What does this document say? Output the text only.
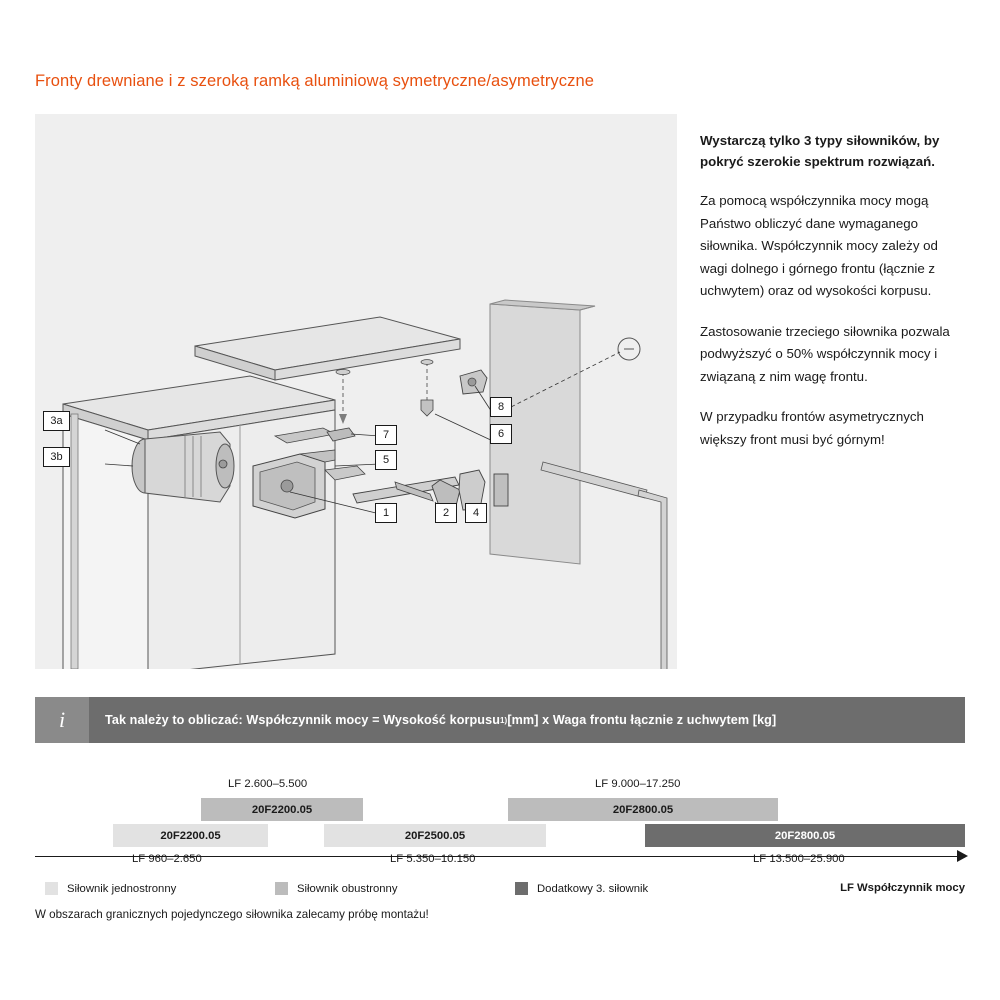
Fronty drewniane i z szeroką ramką aluminiową symetryczne/asymetryczne
3a
3b
7
8
6
5
1	2	4
Wystarczą tylko 3 typy siłowników, by pokryć szerokie spektrum rozwiązań.

Za pomocą współczynnika mocy mogą Państwo obliczyć dane wymaganego siłownika. Współczynnik mocy zależy od wagi dolnego i górnego frontu (łącznie z uchwytem) oraz od wysokości korpusu.

Zastosowanie trzeciego siłownika pozwala podwyższyć o 50% współczynnik mocy i związaną z nim wagę frontu.

W przypadku frontów asymetrycznych większy front musi być górnym!

i	Tak należy to obliczać: Współczynnik mocy = Wysokość korpusu 1) [mm] x Waga frontu łącznie z uchwytem [kg]
LF 2.600–5.500	LF 9.000–17.250
20F2200.05	20F2800.05
20F2200.05	20F2500.05	20F2800.05
LF 960–2.650	LF 5.350–10.150	LF 13.500–25.900
Siłownik jednostronny	Siłownik obustronny	Dodatkowy 3. siłownik	LF Współczynnik mocy
W obszarach granicznych pojedynczego siłownika zalecamy próbę montażu!
